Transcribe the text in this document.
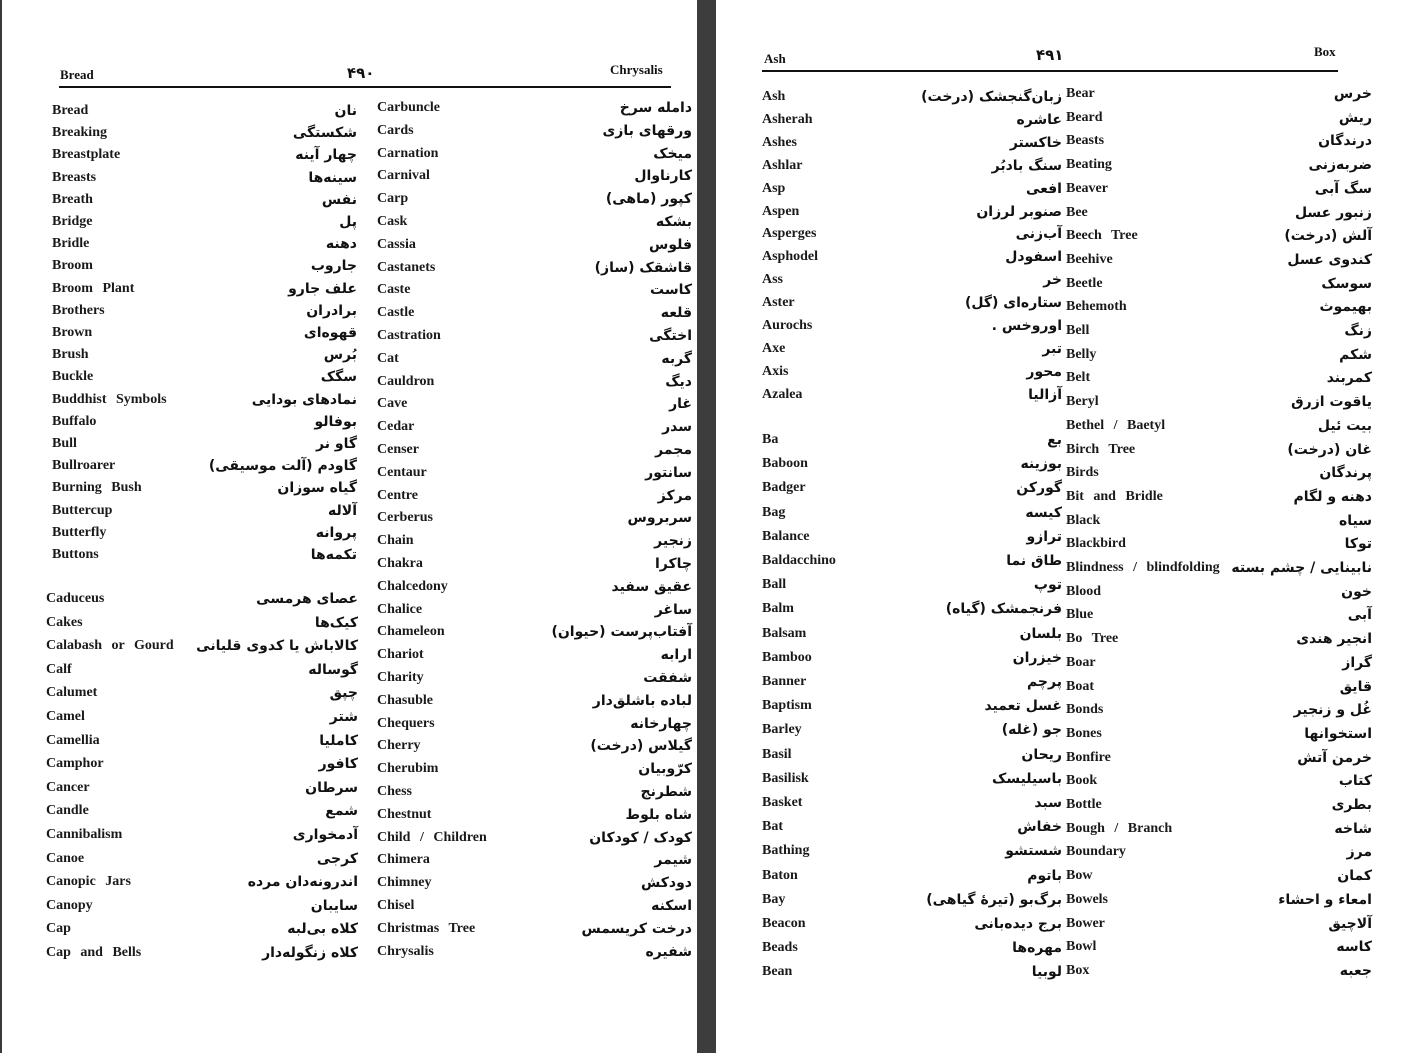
Bread	۴۹۰	Chrysalis
Bread	نان
Breaking	شکستگی
Breastplate	چهار آینه
Breasts	سینه‌ها
Breath	نفس
Bridge	پل
Bridle	دهنه
Broom	جاروب
Broom Plant	علف جارو
Brothers	برادران
Brown	قهوه‌ای
Brush	بُرس
Buckle	سگک
Buddhist Symbols	نمادهای بودایی
Buffalo	بوفالو
Bull	گاو نر
Bullroarer	گاودم (آلت موسیقی)
Burning Bush	گیاه سوزان
Buttercup	آلاله
Butterfly	پروانه
Buttons	تکمه‌ها
Caduceus	عصای هرمسی
Cakes	کیک‌ها
Calabash or Gourd کالاباش یا کدوی قلیانی
Calf	گوساله
Calumet	چپق
Camel	شتر
Camellia	کاملیا
Camphor	کافور
Cancer	سرطان
Candle	شمع
Cannibalism	آدمخواری
Canoe	کرجی
Canopic Jars	اندرونه‌دان مرده
Canopy	سایبان
Cap	کلاه بی‌لبه
Cap and Bells	کلاه زنگوله‌دار
Carbuncle	دامله سرخ
Cards	ورقهای بازی
Carnation	میخک
Carnival	کارناوال
Carp	کپور (ماهی)
Cask	بشکه
Cassia	فلوس
Castanets	قاشقک (ساز)
Caste	کاست
Castle	قلعه
Castration	اختگی
Cat	گربه
Cauldron	دیگ
Cave	غار
Cedar	سدر
Censer	مجمر
Centaur	سانتور
Centre	مرکز
Cerberus	سربروس
Chain	زنجیر
Chakra	چاکرا
Chalcedony	عقیق سفید
Chalice	ساغر
Chameleon	آفتاب‌پرست (حیوان)
Chariot	ارابه
Charity	شفقت
Chasuble	لباده باشلق‌دار
Chequers	چهارخانه
Cherry	گیلاس (درخت)
Cherubim	کرّوبیان
Chess	شطرنج
Chestnut	شاه بلوط
Child / Children	کودک / کودکان
Chimera	شیمر
Chimney	دودکش
Chisel	اسکنه
Christmas Tree	درخت کریسمس
Chrysalis	شفیره
Ash	۴۹۱	Box
Ash	زبان‌گنجشک (درخت)
Asherah	عاشره
Ashes	خاکستر
Ashlar	سنگ بادبُر
Asp	افعی
Aspen	صنوبر لرزان
Asperges	آب‌زنی
Asphodel	اسفودل
Ass	خر
Aster	ستاره‌ای (گل)
Aurochs	اوروخس .
Axe	تبر
Axis	محور
Azalea	آزالیا
Ba	بع
Baboon	بوزینه
Badger	گورکن
Bag	کیسه
Balance	ترازو
Baldacchino	طاق نما
Ball	توپ
Balm	فرنجمشک (گیاه)
Balsam	بلسان
Bamboo	خیزران
Banner	پرچم
Baptism	غسل تعمید
Barley	جو (غله)
Basil	ریحان
Basilisk	باسیلیسک
Basket	سبد
Bat	خفاش
Bathing	شستشو
Baton	باتوم
Bay	برگ‌بو (تیرهٔ گیاهی)
Beacon	برج دیده‌بانی
Beads	مهره‌ها
Bean	لوبیا
Bear	خرس
Beard	ریش
Beasts	درندگان
Beating	ضربه‌زنی
Beaver	سگ آبی
Bee	زنبور عسل
Beech Tree	آلش (درخت)
Beehive	کندوی عسل
Beetle	سوسک
Behemoth	بهیموث
Bell	زنگ
Belly	شکم
Belt	کمربند
Beryl	یاقوت ازرق
Bethel / Baetyl	بیت ئیل
Birch Tree	غان (درخت)
Birds	پرندگان
Bit and Bridle	دهنه و لگام
Black	سیاه
Blackbird	توکا
Blindness / blindfolding نابینایی / چشم بسته
Blood	خون
Blue	آبی
Bo Tree	انجیر هندی
Boar	گراز
Boat	قایق
Bonds	غُل و زنجیر
Bones	استخوانها
Bonfire	خرمن آتش
Book	کتاب
Bottle	بطری
Bough / Branch	شاخه
Boundary	مرز
Bow	کمان
Bowels	امعاء و احشاء
Bower	آلاچیق
Bowl	کاسه
Box	جعبه
